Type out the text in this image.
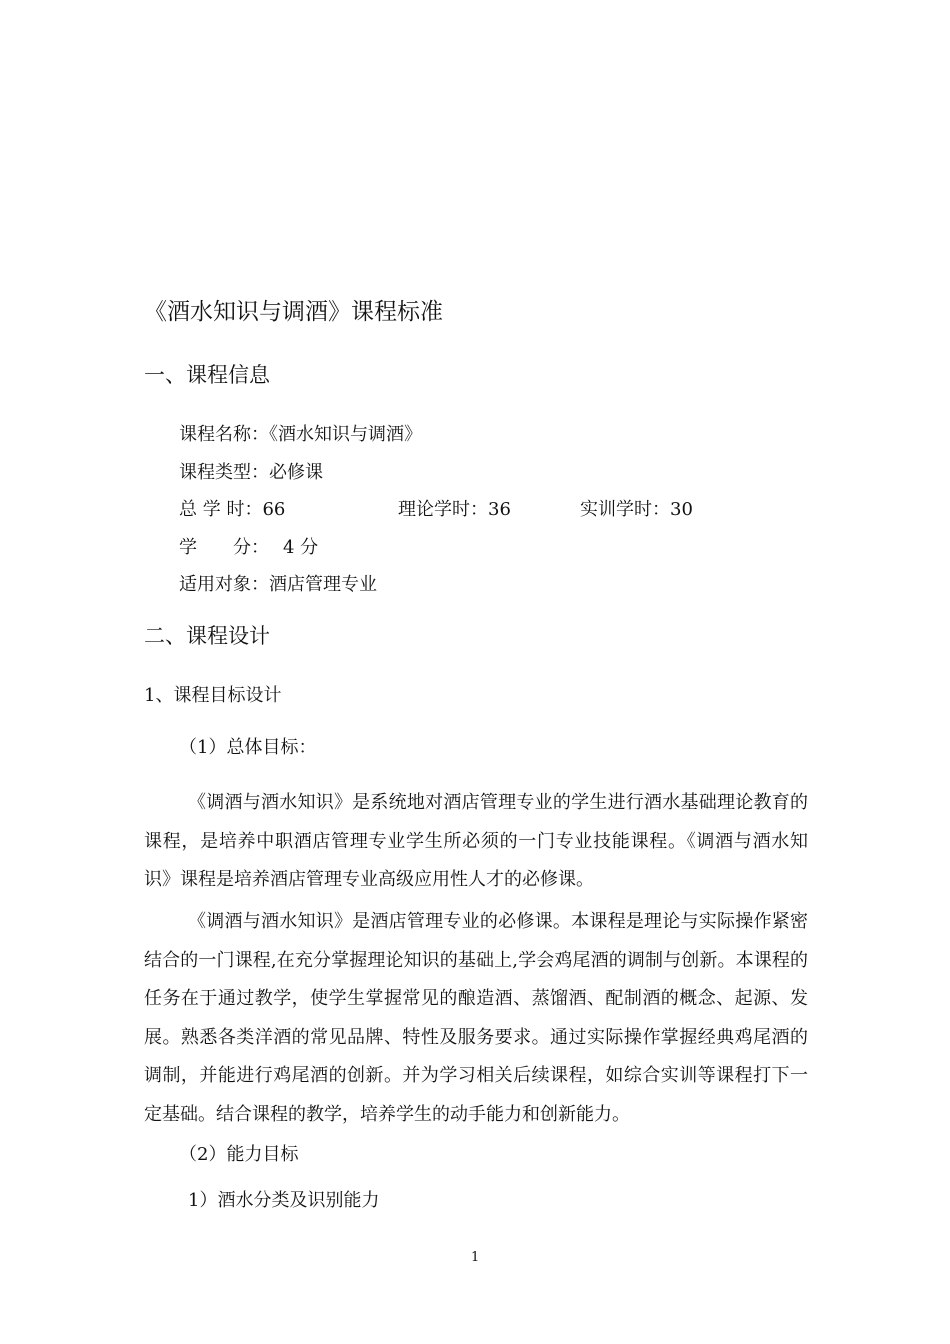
《酒水知识与调酒》课程标准
一、课程信息
课程名称：《酒水知识与调酒》
课程类型：必修课
总 学 时：66	理论学时：36	实训学时：30
学 分： 4 分
适用对象：酒店管理专业
二、课程设计
1、课程目标设计
（1）总体目标：
《调酒与酒水知识》是系统地对酒店管理专业的学生进行酒水基础理论教育的课程，是培养中职酒店管理专业学生所必须的一门专业技能课程。《调酒与酒水知识》课程是培养酒店管理专业高级应用性人才的必修课。
《调酒与酒水知识》是酒店管理专业的必修课。本课程是理论与实际操作紧密结合的一门课程,在充分掌握理论知识的基础上,学会鸡尾酒的调制与创新。本课程的任务在于通过教学，使学生掌握常见的酿造酒、蒸馏酒、配制酒的概念、起源、发展。熟悉各类洋酒的常见品牌、特性及服务要求。通过实际操作掌握经典鸡尾酒的调制，并能进行鸡尾酒的创新。并为学习相关后续课程，如综合实训等课程打下一定基础。结合课程的教学，培养学生的动手能力和创新能力。
（2）能力目标
1）酒水分类及识别能力
1
